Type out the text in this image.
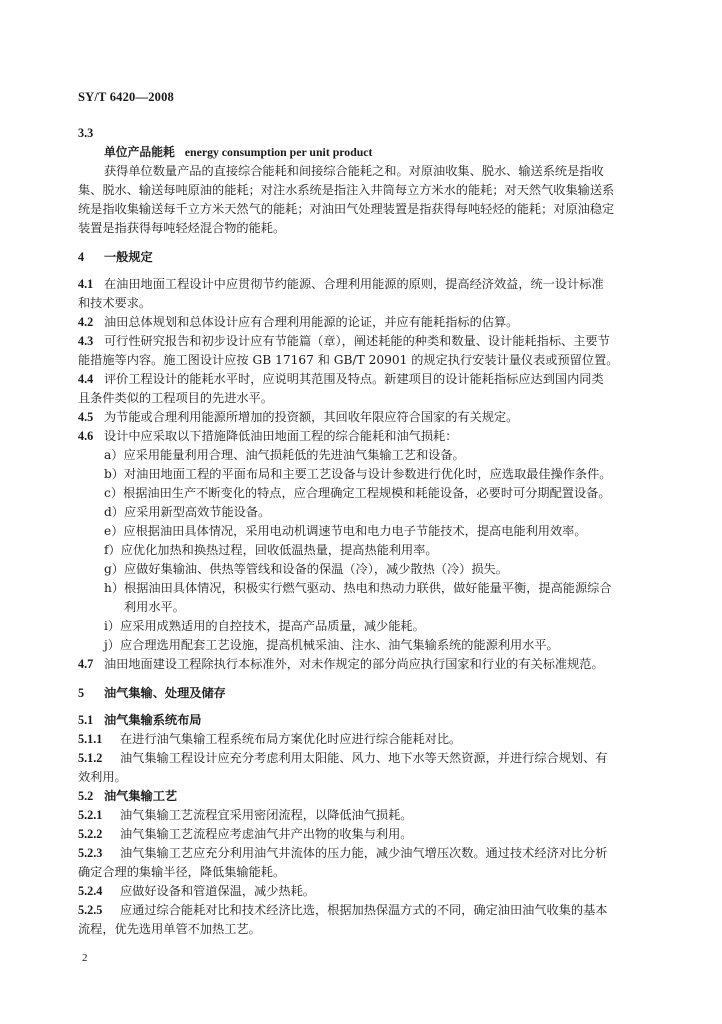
SY/T 6420—2008
3.3
单位产品能耗 energy consumption per unit product
获得单位数量产品的直接综合能耗和间接综合能耗之和。对原油收集、脱水、输送系统是指收
集、脱水、输送每吨原油的能耗；对注水系统是指注入井筒每立方米水的能耗；对天然气收集输送系
统是指收集输送每千立方米天然气的能耗；对油田气处理装置是指获得每吨轻烃的能耗；对原油稳定
装置是指获得每吨轻烃混合物的能耗。
4 一般规定
4.1 在油田地面工程设计中应贯彻节约能源、合理利用能源的原则，提高经济效益，统一设计标准
和技术要求。
4.2 油田总体规划和总体设计应有合理利用能源的论证，并应有能耗指标的估算。
4.3 可行性研究报告和初步设计应有节能篇（章），阐述耗能的种类和数量、设计能耗指标、主要节
能措施等内容。施工图设计应按 GB 17167 和 GB/T 20901 的规定执行安装计量仪表或预留位置。
4.4 评价工程设计的能耗水平时，应说明其范围及特点。新建项目的设计能耗指标应达到国内同类
且条件类似的工程项目的先进水平。
4.5 为节能或合理利用能源所增加的投资额，其回收年限应符合国家的有关规定。
4.6 设计中应采取以下措施降低油田地面工程的综合能耗和油气损耗：
a）应采用能量利用合理、油气损耗低的先进油气集输工艺和设备。
b）对油田地面工程的平面布局和主要工艺设备与设计参数进行优化时，应选取最佳操作条件。
c）根据油田生产不断变化的特点，应合理确定工程规模和耗能设备，必要时可分期配置设备。
d）应采用新型高效节能设备。
e）应根据油田具体情况，采用电动机调速节电和电力电子节能技术，提高电能利用效率。
f）应优化加热和换热过程，回收低温热量，提高热能利用率。
g）应做好集输油、供热等管线和设备的保温（冷），减少散热（冷）损失。
h）根据油田具体情况，积极实行燃气驱动、热电和热动力联供，做好能量平衡，提高能源综合
利用水平。
i）应采用成熟适用的自控技术，提高产品质量，减少能耗。
j）应合理选用配套工艺设施，提高机械采油、注水、油气集输系统的能源利用水平。
4.7 油田地面建设工程除执行本标准外，对未作规定的部分尚应执行国家和行业的有关标准规范。
5 油气集输、处理及储存
5.1 油气集输系统布局
5.1.1 在进行油气集输工程系统布局方案优化时应进行综合能耗对比。
5.1.2 油气集输工程设计应充分考虑利用太阳能、风力、地下水等天然资源，并进行综合规划、有
效利用。
5.2 油气集输工艺
5.2.1 油气集输工艺流程宜采用密闭流程，以降低油气损耗。
5.2.2 油气集输工艺流程应考虑油气井产出物的收集与利用。
5.2.3 油气集输工艺应充分利用油气井流体的压力能，减少油气增压次数。通过技术经济对比分析
确定合理的集输半径，降低集输能耗。
5.2.4 应做好设备和管道保温，减少热耗。
5.2.5 应通过综合能耗对比和技术经济比选，根据加热保温方式的不同，确定油田油气收集的基本
流程，优先选用单管不加热工艺。
2
